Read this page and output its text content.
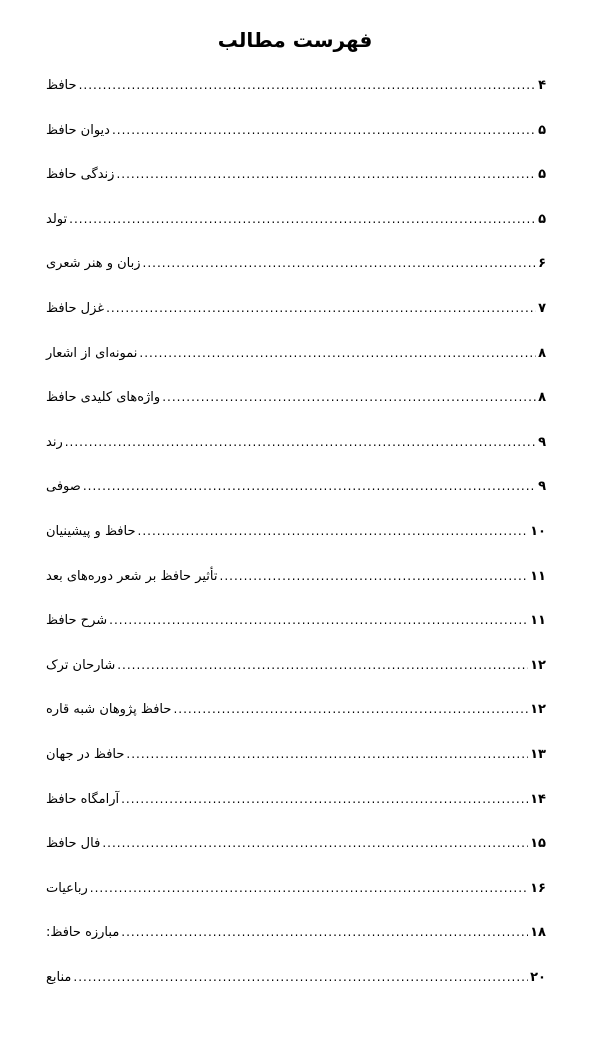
فهرست مطالب
حافظ .....	۴
دیوان حافظ .....	۵
زندگی حافظ .....	۵
تولد .....	۵
زبان و هنر شعری .....	۶
غزل حافظ .....	۷
نمونه‌ای از اشعار .....	۸
واژه‌های کلیدی حافظ .....	۸
رند .....	۹
صوفی .....	۹
حافظ و پیشینیان .....	۱۰
تأثیر حافظ بر شعر دوره‌های بعد .....	۱۱
شرح حافظ .....	۱۱
شارحان ترک .....	۱۲
حافظ پژوهان شبه قاره .....	۱۲
حافظ در جهان .....	۱۳
آرامگاه حافظ .....	۱۴
فال حافظ .....	۱۵
رباعیات .....	۱۶
مبارزه حافظ: .....	۱۸
منابع .....	۲۰
